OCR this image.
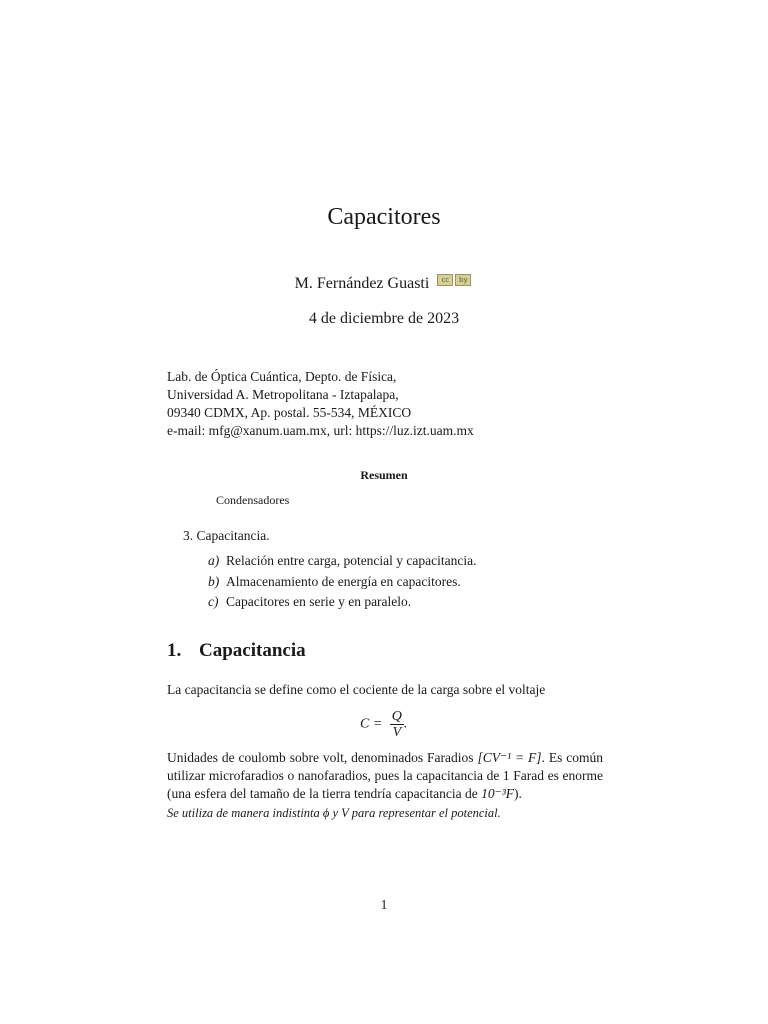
Capacitores
M. Fernández Guasti cc by
4 de diciembre de 2023
Lab. de Óptica Cuántica, Depto. de Física,
Universidad A. Metropolitana - Iztapalapa,
09340 CDMX, Ap. postal. 55-534, MÉXICO
e-mail: mfg@xanum.uam.mx, url: https://luz.izt.uam.mx
Resumen
Condensadores
3. Capacitancia.
a) Relación entre carga, potencial y capacitancia.
b) Almacenamiento de energía en capacitores.
c) Capacitores en serie y en paralelo.
1. Capacitancia
La capacitancia se define como el cociente de la carga sobre el voltaje
$C = \frac{Q}{V}$ .
Unidades de coulomb sobre volt, denominados Faradios [CV⁻¹ = F]. Es común utilizar microfaradios o nanofaradios, pues la capacitancia de 1 Farad es enorme (una esfera del tamaño de la tierra tendría capacitancia de 10⁻³F).
Se utiliza de manera indistinta ϕ y V para representar el potencial.
1
